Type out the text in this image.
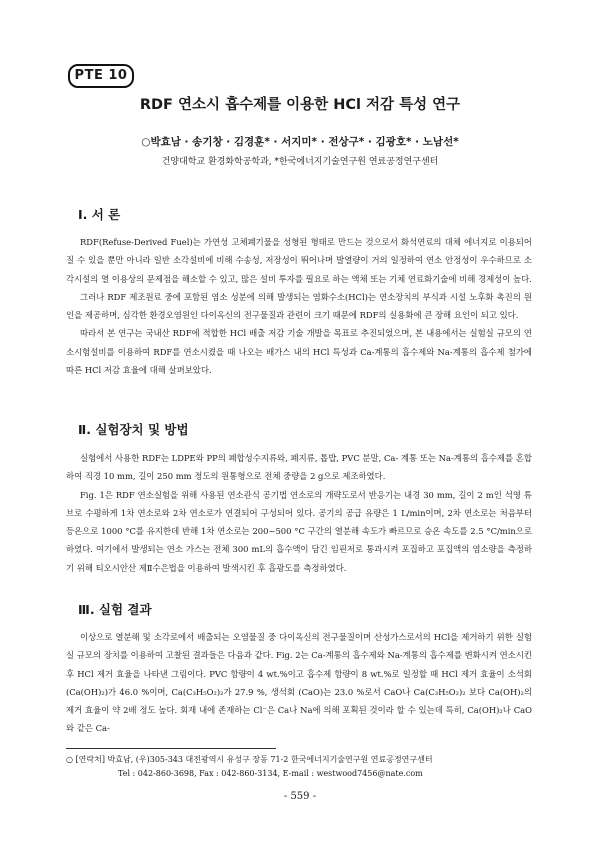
PTE 10
RDF 연소시 흡수제를 이용한 HCl 저감 특성 연구
○박효남 · 송기창 · 김경훈* · 서지미* · 전상구* · 김광호* · 노남선*
건양대학교 환경화학공학과, *한국에너지기술연구원 연료공정연구센터
Ⅰ. 서 론

RDF(Refuse-Derived Fuel)는 가연성 고체폐기물을 성형된 형태로 만드는 것으로서 화석연료의 대체 에너지로 이용되어질 수 있을 뿐만 아니라 일반 소각설비에 비해 수송성, 저장성이 뛰어나며 발열량이 거의 일정하여 연소 안정성이 우수하므로 소각시설의 열 이용상의 문제점을 해소할 수 있고, 많은 설비 투자를 필요로 하는 액체 또는 기체 연료화기술에 비해 경제성이 높다.

그러나 RDF 제조원료 중에 포함된 염소 성분에 의해 발생되는 염화수소(HCl)는 연소장치의 부식과 시설 노후화 촉진의 원인을 제공하며, 심각한 환경오염원인 다이옥신의 전구물질과 관련이 크기 때문에 RDF의 실용화에 큰 장해 요인이 되고 있다.

따라서 본 연구는 국내산 RDF에 적합한 HCl 배출 저감 기술 개발을 목표로 추진되었으며, 본 내용에서는 실험실 규모의 연소시험설비를 이용하여 RDF를 연소시켰을 때 나오는 배가스 내의 HCl 특성과 Ca-계통의 흡수제와 Na-계통의 흡수제 첨가에 따른 HCl 저감 효율에 대해 살펴보았다.

Ⅱ. 실험장치 및 방법

실험에서 사용한 RDF는 LDPE와 PP의 폐합성수지류와, 폐지류, 톱밥, PVC 분말, Ca- 계통 또는 Na-계통의 흡수제를 혼합하여 직경 10 mm, 길이 250 mm 정도의 원통형으로 전체 중량을 2 g으로 제조하였다.

Fig. 1은 RDF 연소실험을 위해 사용된 연소관식 공기법 연소로의 개략도로서 반응기는 내경 30 mm, 길이 2 m인 석영 튜브로 수평하게 1차 연소로와 2차 연소로가 연결되어 구성되어 있다. 공기의 공급 유량은 1 L/min이며, 2차 연소로는 처음부터 등온으로 1000 °C를 유지한데 반해 1차 연소로는 200~500 °C 구간의 열분해 속도가 빠르므로 승온 속도를 2.5 °C/min으로 하였다. 여기에서 발생되는 연소 가스는 전체 300 mL의 흡수액이 담긴 임핀저로 통과시켜 포집하고 포집액의 염소량을 측정하기 위해 티오시안산 제Ⅱ수은법을 이용하여 발색시킨 후 흡광도를 측정하였다.

Ⅲ. 실험 결과

이상으로 열분해 및 소각로에서 배출되는 오염물질 중 다이옥신의 전구물질이며 산성가스로서의 HCl을 제거하기 위한 실험실 규모의 장치를 이용하여 고찰된 결과들은 다음과 같다. Fig. 2는 Ca-계통의 흡수제와 Na-계통의 흡수제를 변화시켜 연소시킨 후 HCl 제거 효율을 나타낸 그림이다. PVC 함량이 4 wt.%이고 흡수제 함량이 8 wt.%로 일정할 때 HCl 제거 효율이 소석회 (Ca(OH)₂)가 46.0 %이며, Ca(C₃H₅O₂)₂가 27.9 %, 생석회 (CaO)는 23.0 %로서 CaO나 Ca(C₃H₅O₂)₂ 보다 Ca(OH)₂의 제거 효율이 약 2배 정도 높다. 회재 내에 존재하는 Cl⁻은 Ca나 Na에 의해 포획된 것이라 할 수 있는데 특히, Ca(OH)₂나 CaO와 같은 Ca-

○ [연락처] 박효남, (우)305-343 대전광역시 유성구 장동 71-2 한국에너지기술연구원 연료공정연구센터
Tel : 042-860-3698, Fax : 042-860-3134, E-mail : westwood7456@nate.com
- 559 -
